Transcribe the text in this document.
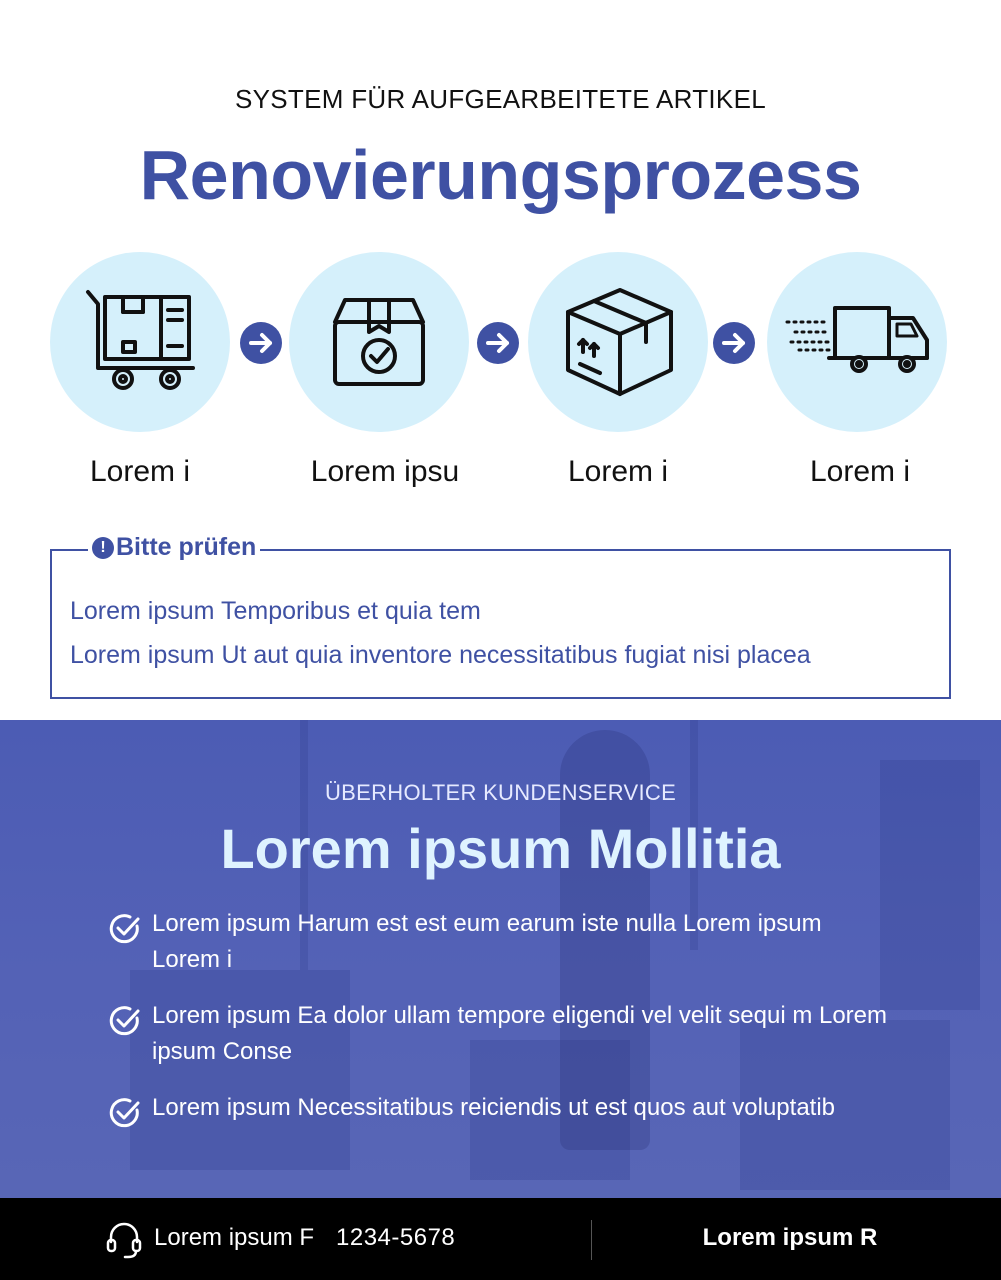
SYSTEM FÜR AUFGEARBEITETE ARTIKEL
Renovierungsprozess
Lorem i	Lorem ipsu	Lorem i	Lorem i
! Bitte prüfen
Lorem ipsum Temporibus et quia tem
Lorem ipsum Ut aut quia inventore necessitatibus fugiat nisi placea
ÜBERHOLTER KUNDENSERVICE
Lorem ipsum Mollitia
Lorem ipsum Harum est est eum earum iste nulla Lorem ipsum Lorem i
Lorem ipsum Ea dolor ullam tempore eligendi vel velit sequi m Lorem ipsum Conse
Lorem ipsum Necessitatibus reiciendis ut est quos aut voluptatib
Lorem ipsum F 1234-5678	Lorem ipsum R
